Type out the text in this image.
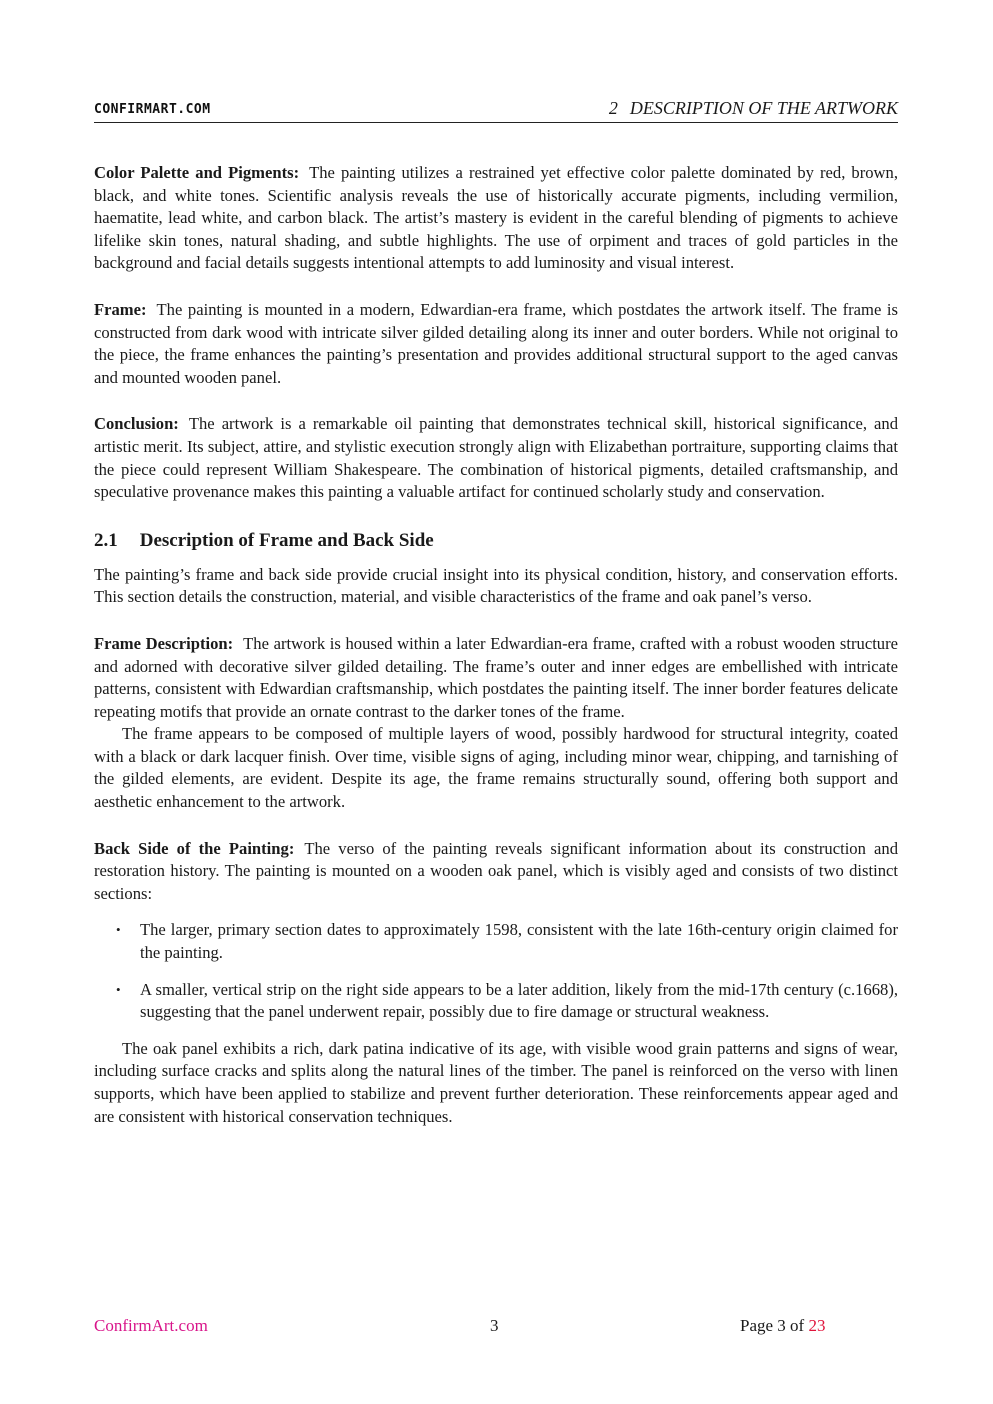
CONFIRMART.COM	2 DESCRIPTION OF THE ARTWORK

Color Palette and Pigments: The painting utilizes a restrained yet effective color palette dominated by red, brown, black, and white tones. Scientific analysis reveals the use of historically accurate pigments, including vermilion, haematite, lead white, and carbon black. The artist’s mastery is evident in the careful blending of pigments to achieve lifelike skin tones, natural shading, and subtle highlights. The use of orpiment and traces of gold particles in the background and facial details suggests intentional attempts to add luminosity and visual interest.

Frame: The painting is mounted in a modern, Edwardian-era frame, which postdates the artwork itself. The frame is constructed from dark wood with intricate silver gilded detailing along its inner and outer borders. While not original to the piece, the frame enhances the painting’s presentation and provides additional structural support to the aged canvas and mounted wooden panel.

Conclusion: The artwork is a remarkable oil painting that demonstrates technical skill, historical significance, and artistic merit. Its subject, attire, and stylistic execution strongly align with Elizabethan portraiture, supporting claims that the piece could represent William Shakespeare. The combination of historical pigments, detailed craftsmanship, and speculative provenance makes this painting a valuable artifact for continued scholarly study and conservation.

2.1 Description of Frame and Back Side

The painting’s frame and back side provide crucial insight into its physical condition, history, and conservation efforts. This section details the construction, material, and visible characteristics of the frame and oak panel’s verso.

Frame Description: The artwork is housed within a later Edwardian-era frame, crafted with a robust wooden structure and adorned with decorative silver gilded detailing. The frame’s outer and inner edges are embellished with intricate patterns, consistent with Edwardian craftsmanship, which postdates the painting itself. The inner border features delicate repeating motifs that provide an ornate contrast to the darker tones of the frame.

The frame appears to be composed of multiple layers of wood, possibly hardwood for structural integrity, coated with a black or dark lacquer finish. Over time, visible signs of aging, including minor wear, chipping, and tarnishing of the gilded elements, are evident. Despite its age, the frame remains structurally sound, offering both support and aesthetic enhancement to the artwork.

Back Side of the Painting: The verso of the painting reveals significant information about its construction and restoration history. The painting is mounted on a wooden oak panel, which is visibly aged and consists of two distinct sections:

• The larger, primary section dates to approximately 1598, consistent with the late 16th-century origin claimed for the painting.
• A smaller, vertical strip on the right side appears to be a later addition, likely from the mid-17th century (c.1668), suggesting that the panel underwent repair, possibly due to fire damage or structural weakness.

The oak panel exhibits a rich, dark patina indicative of its age, with visible wood grain patterns and signs of wear, including surface cracks and splits along the natural lines of the timber. The panel is reinforced on the verso with linen supports, which have been applied to stabilize and prevent further deterioration. These reinforcements appear aged and are consistent with historical conservation techniques.

ConfirmArt.com	3	Page 3 of 23
